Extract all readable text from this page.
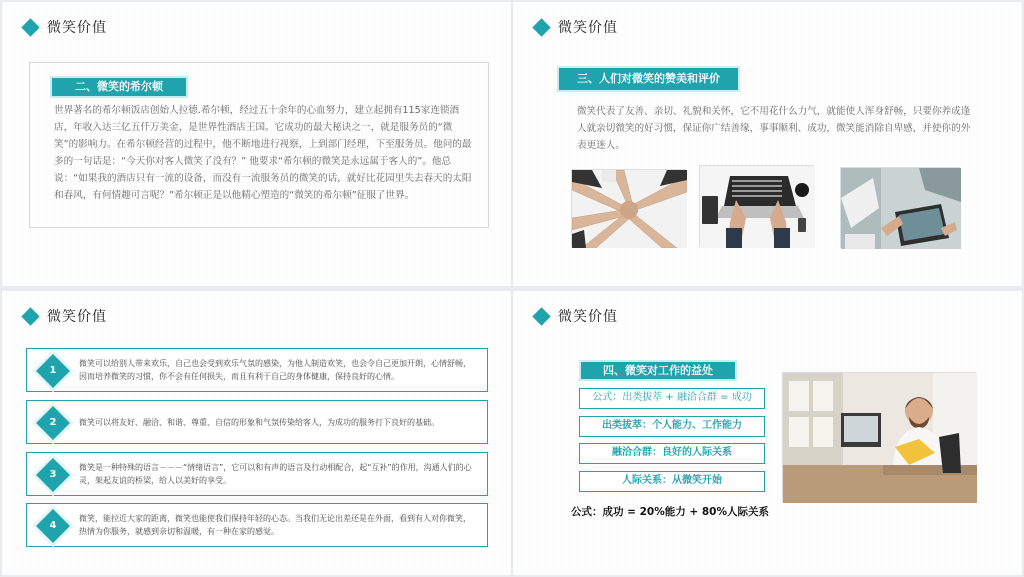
微笑价值
二、微笑的希尔顿
世界著名的希尔顿饭店创始人拉德.希尔顿，经过五十余年的心血努力，建立起拥有115家连锁酒店，年收入达三亿五仟万美金，是世界性酒店王国。它成功的最大秘诀之一，就是服务员的“微笑”的影响力。在希尔顿经营的过程中，他不断地进行视察，上到部门经理，下至服务员。他问的最多的一句话是：“今天你对客人微笑了没有？” 他要求“希尔顿的微笑是永远属于客人的”。他总说：“如果我的酒店只有一流的设备，而没有一流服务员的微笑的话，就好比花园里失去春天的太阳和春风，有何情趣可言呢？”希尔顿正是以他精心塑造的“微笑的希尔顿”征服了世界。
微笑价值
三、人们对微笑的赞美和评价
微笑代表了友善、亲切、礼貌和关怀，它不用花什么力气，就能使人浑身舒畅，只要你养成逢人就亲切微笑的好习惯，保证你广结善缘，事事顺利、成功，微笑能消除自卑感，并使你的外表更迷人。
微笑价值
1
微笑可以给别人带来欢乐，自己也会受到欢乐气氛的感染，为他人制造欢笑，也会令自己更加开朗，心情舒畅，因而培养微笑的习惯，你不会有任何损失，而且有利于自己的身体健康，保持良好的心情。
2	微笑可以将友好、融洽、和谐、尊重、自信的形象和气氛传染给客人，为成功的服务打下良好的基础。
3
微笑是一种特殊的语言－－－“情绪语言”，它可以和有声的语言及行动相配合，起“互补”的作用，沟通人们的心灵，架起友谊的桥梁，给人以美好的享受。
4
微笑，能拉近大家的距离，微笑也能使我们保持年轻的心态。当我们无论出差还是在外面，看到有人对你微笑，热情为你服务，就感到亲切和温暖，有一种在家的感觉。
微笑价值
四、微笑对工作的益处
公式：出类拔萃 + 融洽合群 = 成功
出类拔萃：个人能力、工作能力
融洽合群：良好的人际关系
人际关系：从微笑开始
公式：成功 = 20%能力 + 80%人际关系
